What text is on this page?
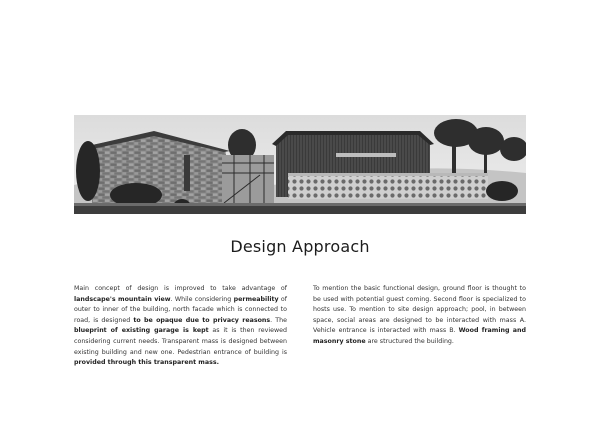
Design Approach
Main concept of design is improved to take advantage of landscape's mountain view. While considering permeability of outer to inner of the building, north facade which is connected to road, is designed to be opaque due to privacy reasons. The blueprint of existing garage is kept as it is then reviewed considering current needs. Transparent mass is designed between existing building and new one. Pedestrian entrance of building is provided through this transparent mass.
To mention the basic functional design, ground floor is thought to be used with potential guest coming. Second floor is specialized to hosts use. To mention to site design approach; pool, in between space, social areas are designed to be interacted with mass A. Vehicle entrance is interacted with mass B. Wood framing and masonry stone are structured the building.
